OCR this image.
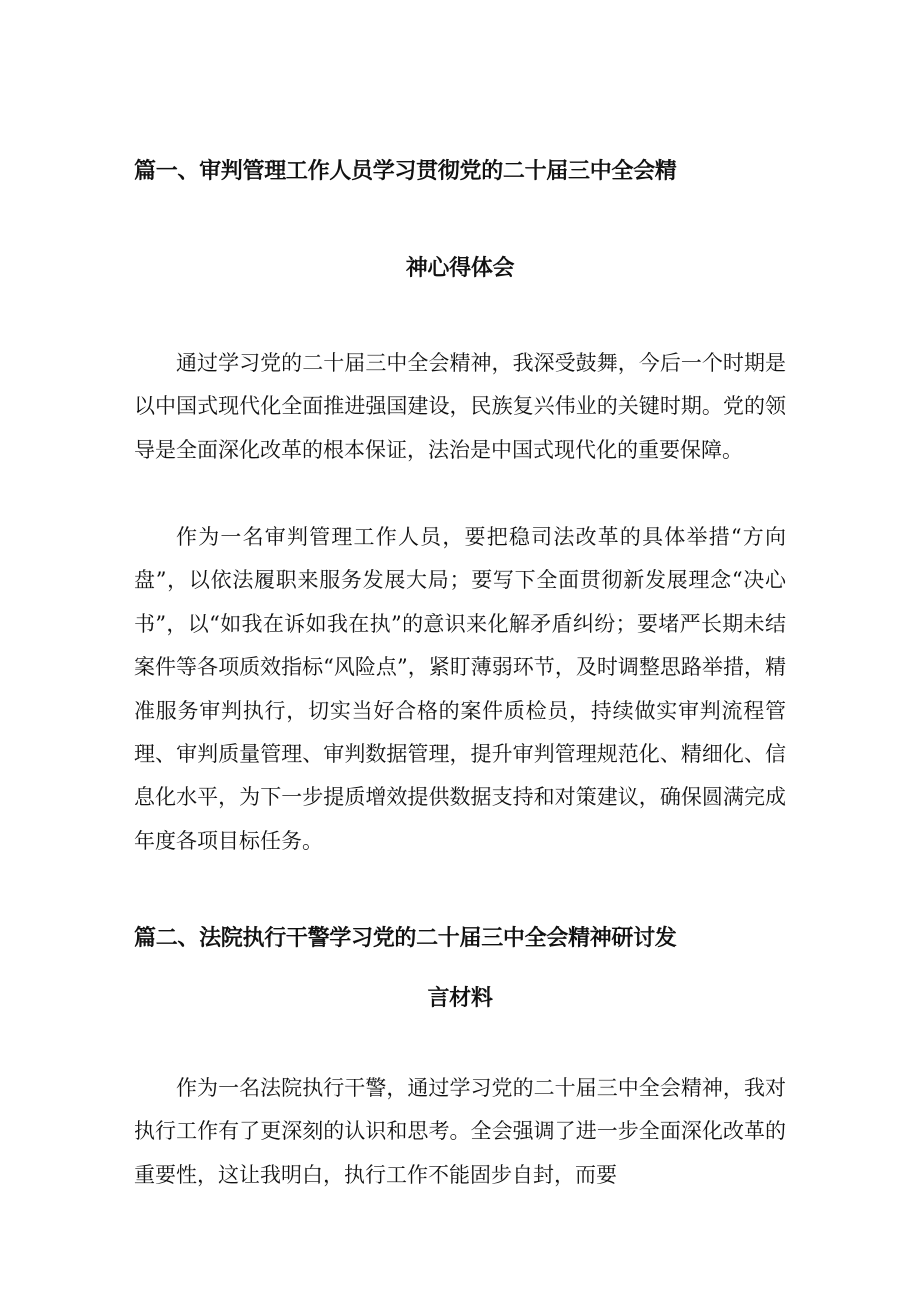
篇一、审判管理工作人员学习贯彻党的二十届三中全会精
神心得体会

通过学习党的二十届三中全会精神，我深受鼓舞，今后一个时期是以中国式现代化全面推进强国建设，民族复兴伟业的关键时期。党的领导是全面深化改革的根本保证，法治是中国式现代化的重要保障。

作为一名审判管理工作人员，要把稳司法改革的具体举措“方向盘”，以依法履职来服务发展大局；要写下全面贯彻新发展理念“决心书”，以“如我在诉如我在执”的意识来化解矛盾纠纷；要堵严长期未结案件等各项质效指标“风险点”，紧盯薄弱环节，及时调整思路举措，精准服务审判执行，切实当好合格的案件质检员，持续做实审判流程管理、审判质量管理、审判数据管理，提升审判管理规范化、精细化、信息化水平，为下一步提质增效提供数据支持和对策建议，确保圆满完成年度各项目标任务。

篇二、法院执行干警学习党的二十届三中全会精神研讨发
言材料

作为一名法院执行干警，通过学习党的二十届三中全会精神，我对执行工作有了更深刻的认识和思考。全会强调了进一步全面深化改革的重要性，这让我明白，执行工作不能固步自封，而要
